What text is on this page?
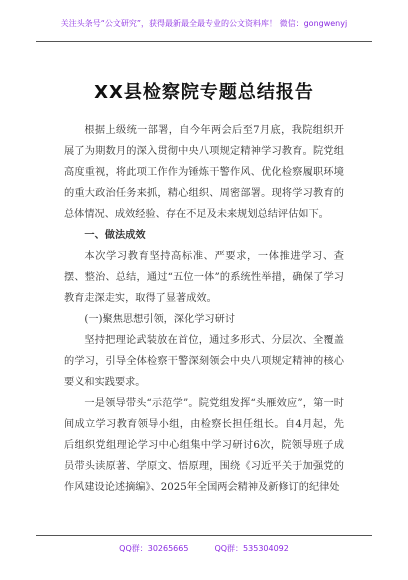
关注头条号“公文研究”，获得最新最全最专业的公文资料库！ 微信：gongwenyj
XX县检察院专题总结报告

根据上级统一部署，自今年两会后至7月底，我院组织开展了为期数月的深入贯彻中央八项规定精神学习教育。院党组高度重视，将此项工作作为锤炼干警作风、优化检察履职环境的重大政治任务来抓，精心组织、周密部署。现将学习教育的总体情况、成效经验、存在不足及未来规划总结评估如下。

一、做法成效

本次学习教育坚持高标准、严要求，一体推进学习、查摆、整治、总结，通过“五位一体”的系统性举措，确保了学习教育走深走实，取得了显著成效。

(一)聚焦思想引领，深化学习研讨

坚持把理论武装放在首位，通过多形式、分层次、全覆盖的学习，引导全体检察干警深刻领会中央八项规定精神的核心要义和实践要求。

一是领导带头“示范学”。院党组发挥“头雁效应”，第一时间成立学习教育领导小组，由检察长担任组长。自4月起，先后组织党组理论学习中心组集中学习研讨6次，院领导班子成员带头读原著、学原文、悟原理，围绕《习近平关于加强党的作风建设论述摘编》、2025年全国两会精神及新修订的纪律处

QQ群：30265665	QQ群：535304092
